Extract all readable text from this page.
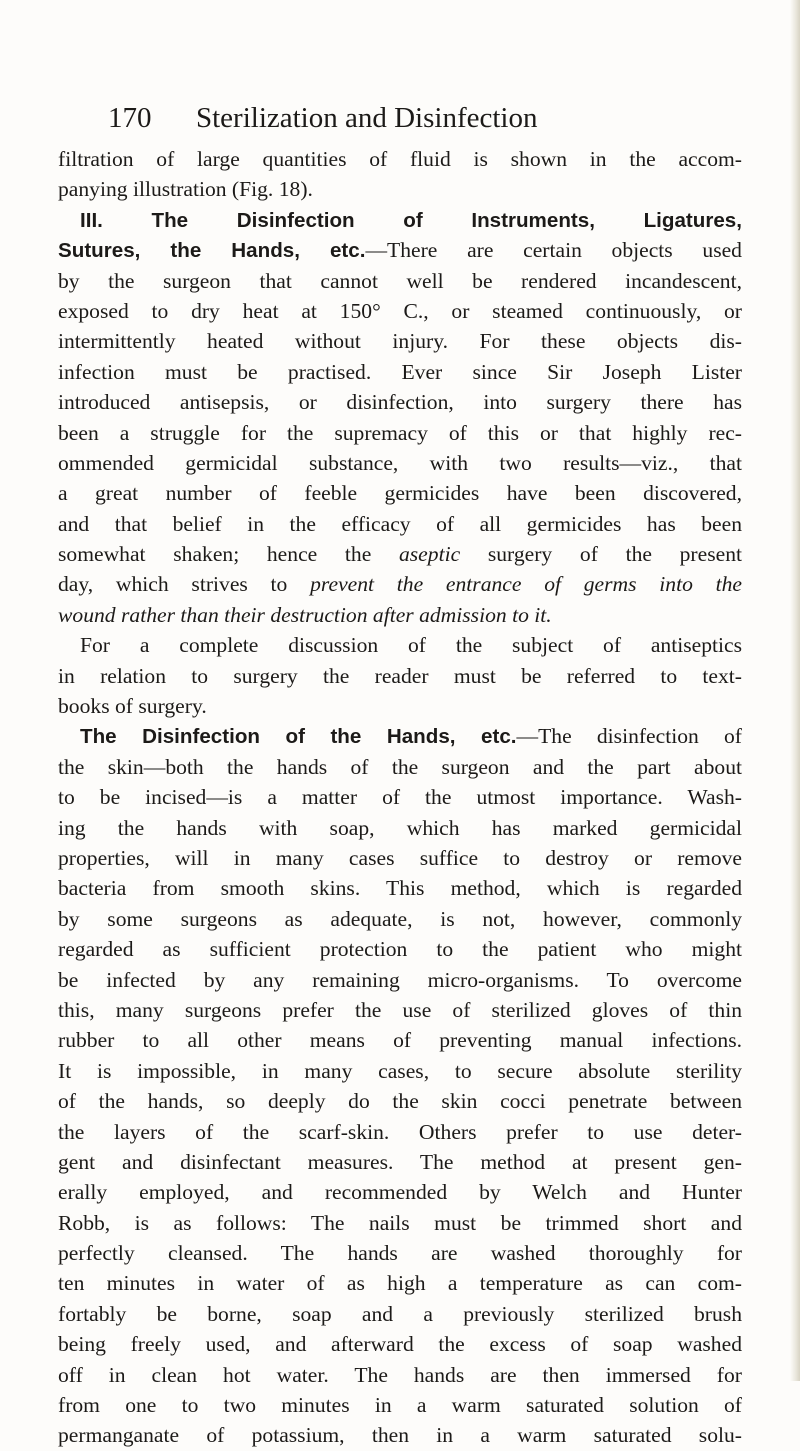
170 Sterilization and Disinfection
filtration of large quantities of fluid is shown in the accom-
panying illustration (Fig. 18).
III. The Disinfection of Instruments, Ligatures,
Sutures, the Hands, etc.—There are certain objects used
by the surgeon that cannot well be rendered incandescent,
exposed to dry heat at 150° C., or steamed continuously, or
intermittently heated without injury. For these objects dis-
infection must be practised. Ever since Sir Joseph Lister
introduced antisepsis, or disinfection, into surgery there has
been a struggle for the supremacy of this or that highly rec-
ommended germicidal substance, with two results—viz., that
a great number of feeble germicides have been discovered,
and that belief in the efficacy of all germicides has been
somewhat shaken; hence the aseptic surgery of the present
day, which strives to prevent the entrance of germs into the
wound rather than their destruction after admission to it.
For a complete discussion of the subject of antiseptics
in relation to surgery the reader must be referred to text-
books of surgery.
The Disinfection of the Hands, etc.—The disinfection of
the skin—both the hands of the surgeon and the part about
to be incised—is a matter of the utmost importance. Wash-
ing the hands with soap, which has marked germicidal
properties, will in many cases suffice to destroy or remove
bacteria from smooth skins. This method, which is regarded
by some surgeons as adequate, is not, however, commonly
regarded as sufficient protection to the patient who might
be infected by any remaining micro-organisms. To overcome
this, many surgeons prefer the use of sterilized gloves of thin
rubber to all other means of preventing manual infections.
It is impossible, in many cases, to secure absolute sterility
of the hands, so deeply do the skin cocci penetrate between
the layers of the scarf-skin. Others prefer to use deter-
gent and disinfectant measures. The method at present gen-
erally employed, and recommended by Welch and Hunter
Robb, is as follows: The nails must be trimmed short and
perfectly cleansed. The hands are washed thoroughly for
ten minutes in water of as high a temperature as can com-
fortably be borne, soap and a previously sterilized brush
being freely used, and afterward the excess of soap washed
off in clean hot water. The hands are then immersed for
from one to two minutes in a warm saturated solution of
permanganate of potassium, then in a warm saturated solu-
